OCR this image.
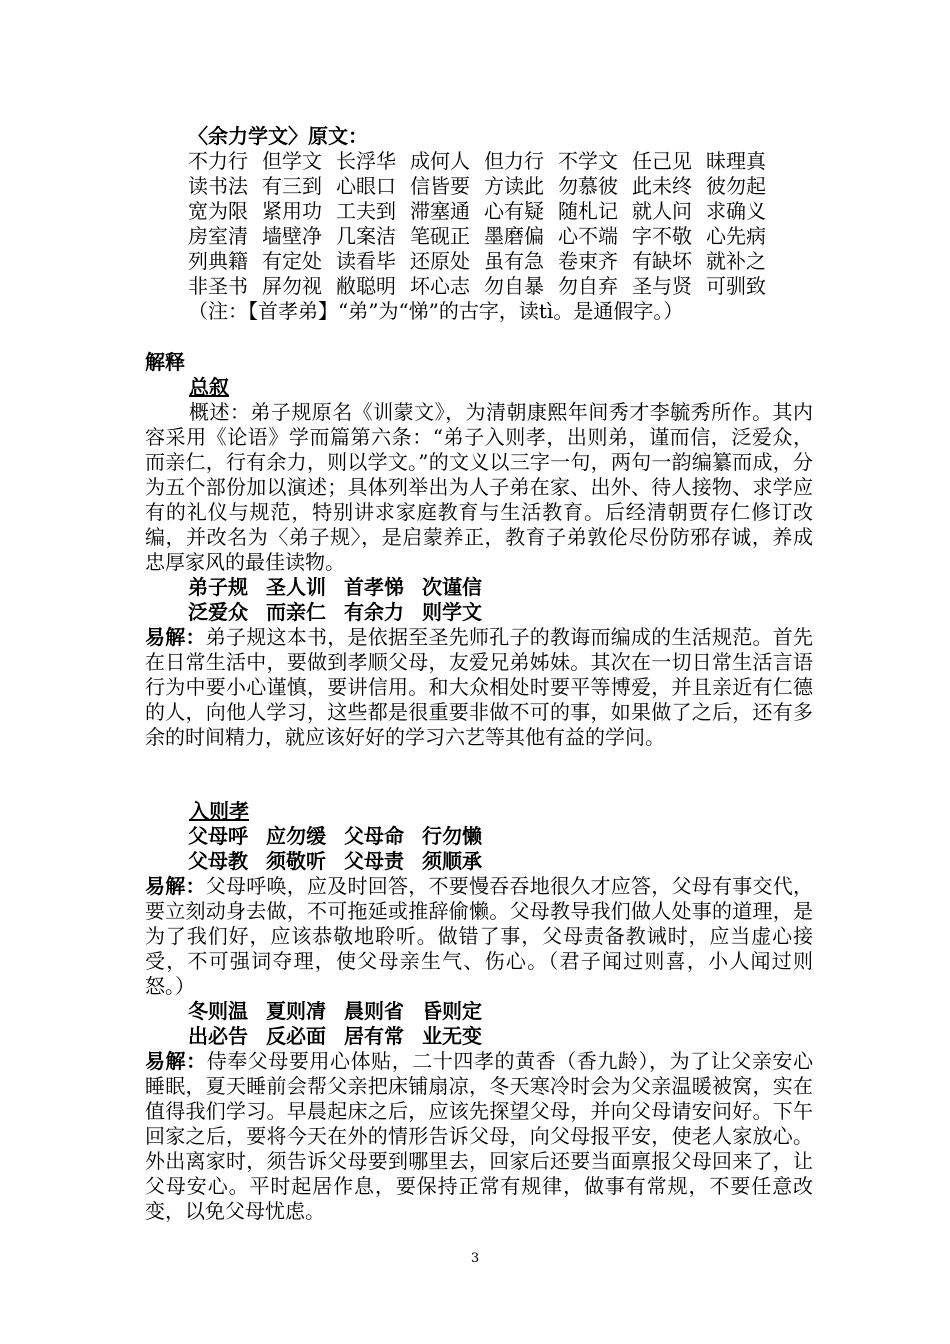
〈余力学文〉原文：
不力行 但学文 长浮华 成何人 但力行 不学文 任己见 昧理真
读书法 有三到 心眼口 信皆要 方读此 勿慕彼 此未终 彼勿起
宽为限 紧用功 工夫到 滞塞通 心有疑 随札记 就人问 求确义
房室清 墙壁净 几案洁 笔砚正 墨磨偏 心不端 字不敬 心先病
列典籍 有定处 读看毕 还原处 虽有急 卷束齐 有缺坏 就补之
非圣书 屏勿视 敝聪明 坏心志 勿自暴 勿自弃 圣与贤 可驯致
（注：【首孝弟】“弟”为“悌”的古字，读tì。是通假字。）
解释
总叙
概述：弟子规原名《训蒙文》，为清朝康熙年间秀才李毓秀所作。其内容采用《论语》学而篇第六条：“弟子入则孝，出则弟，谨而信，泛爱众，而亲仁，行有余力，则以学文。”的文义以三字一句，两句一韵编纂而成，分为五个部份加以演述；具体列举出为人子弟在家、出外、待人接物、求学应有的礼仪与规范，特别讲求家庭教育与生活教育。后经清朝贾存仁修订改编，并改名为〈弟子规〉，是启蒙养正，教育子弟敦伦尽份防邪存诚，养成忠厚家风的最佳读物。
弟子规 圣人训 首孝悌 次谨信
泛爱众 而亲仁 有余力 则学文
易解：弟子规这本书，是依据至圣先师孔子的教诲而编成的生活规范。首先在日常生活中，要做到孝顺父母，友爱兄弟姊妹。其次在一切日常生活言语行为中要小心谨慎，要讲信用。和大众相处时要平等博爱，并且亲近有仁德的人，向他人学习，这些都是很重要非做不可的事，如果做了之后，还有多余的时间精力，就应该好好的学习六艺等其他有益的学问。
入则孝
父母呼 应勿缓 父母命 行勿懒
父母教 须敬听 父母责 须顺承
易解：父母呼唤，应及时回答，不要慢吞吞地很久才应答，父母有事交代，要立刻动身去做，不可拖延或推辞偷懒。父母教导我们做人处事的道理，是为了我们好，应该恭敬地聆听。做错了事，父母责备教诫时，应当虚心接受，不可强词夺理，使父母亲生气、伤心。（君子闻过则喜，小人闻过则怒。）
冬则温 夏则凊 晨则省 昏则定
出必告 反必面 居有常 业无变
易解：侍奉父母要用心体贴，二十四孝的黄香（香九龄），为了让父亲安心睡眠，夏天睡前会帮父亲把床铺扇凉，冬天寒冷时会为父亲温暖被窝，实在值得我们学习。早晨起床之后，应该先探望父母，并向父母请安问好。下午回家之后，要将今天在外的情形告诉父母，向父母报平安，使老人家放心。外出离家时，须告诉父母要到哪里去，回家后还要当面禀报父母回来了，让父母安心。平时起居作息，要保持正常有规律，做事有常规，不要任意改变，以免父母忧虑。
3
